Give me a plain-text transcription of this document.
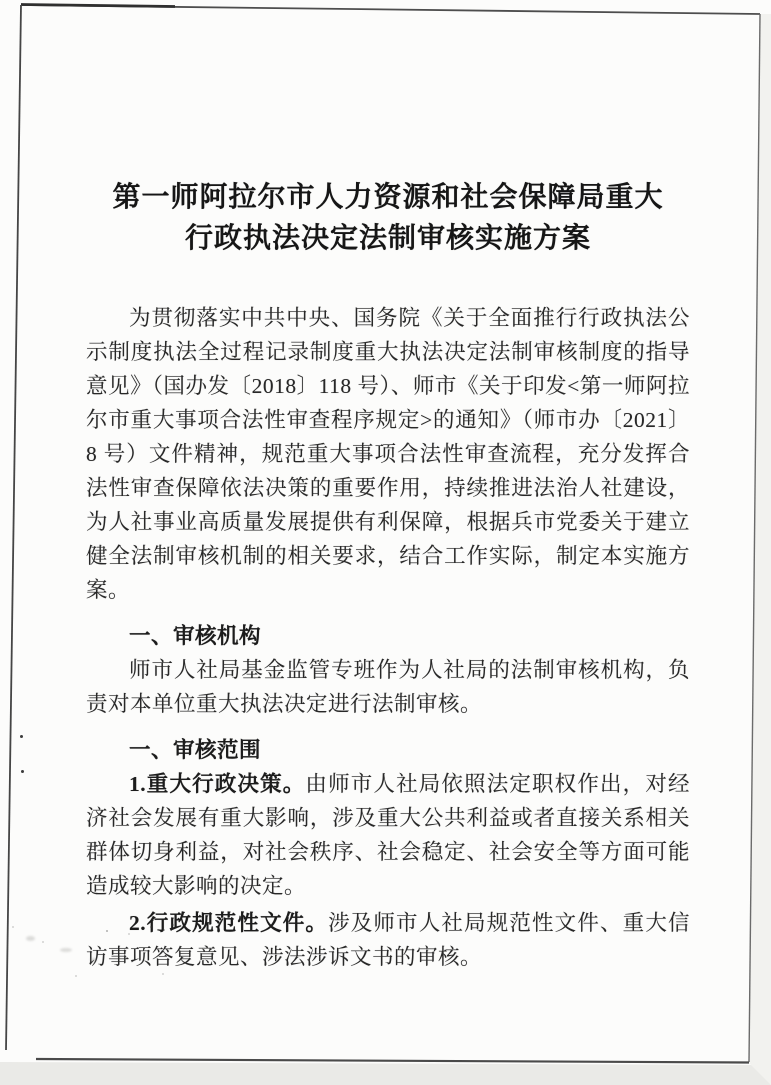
第一师阿拉尔市人力资源和社会保障局重大
行政执法决定法制审核实施方案

为贯彻落实中共中央、国务院《关于全面推行行政执法公示制度执法全过程记录制度重大执法决定法制审核制度的指导意见》（国办发〔2018〕118 号）、师市《关于印发<第一师阿拉尔市重大事项合法性审查程序规定>的通知》（师市办〔2021〕8 号）文件精神，规范重大事项合法性审查流程，充分发挥合法性审查保障依法决策的重要作用，持续推进法治人社建设，为人社事业高质量发展提供有利保障，根据兵市党委关于建立健全法制审核机制的相关要求，结合工作实际，制定本实施方案。

一、审核机构

师市人社局基金监管专班作为人社局的法制审核机构，负责对本单位重大执法决定进行法制审核。

一、审核范围

1.重大行政决策。由师市人社局依照法定职权作出，对经济社会发展有重大影响，涉及重大公共利益或者直接关系相关群体切身利益，对社会秩序、社会稳定、社会安全等方面可能造成较大影响的决定。

2.行政规范性文件。涉及师市人社局规范性文件、重大信访事项答复意见、涉法涉诉文书的审核。
